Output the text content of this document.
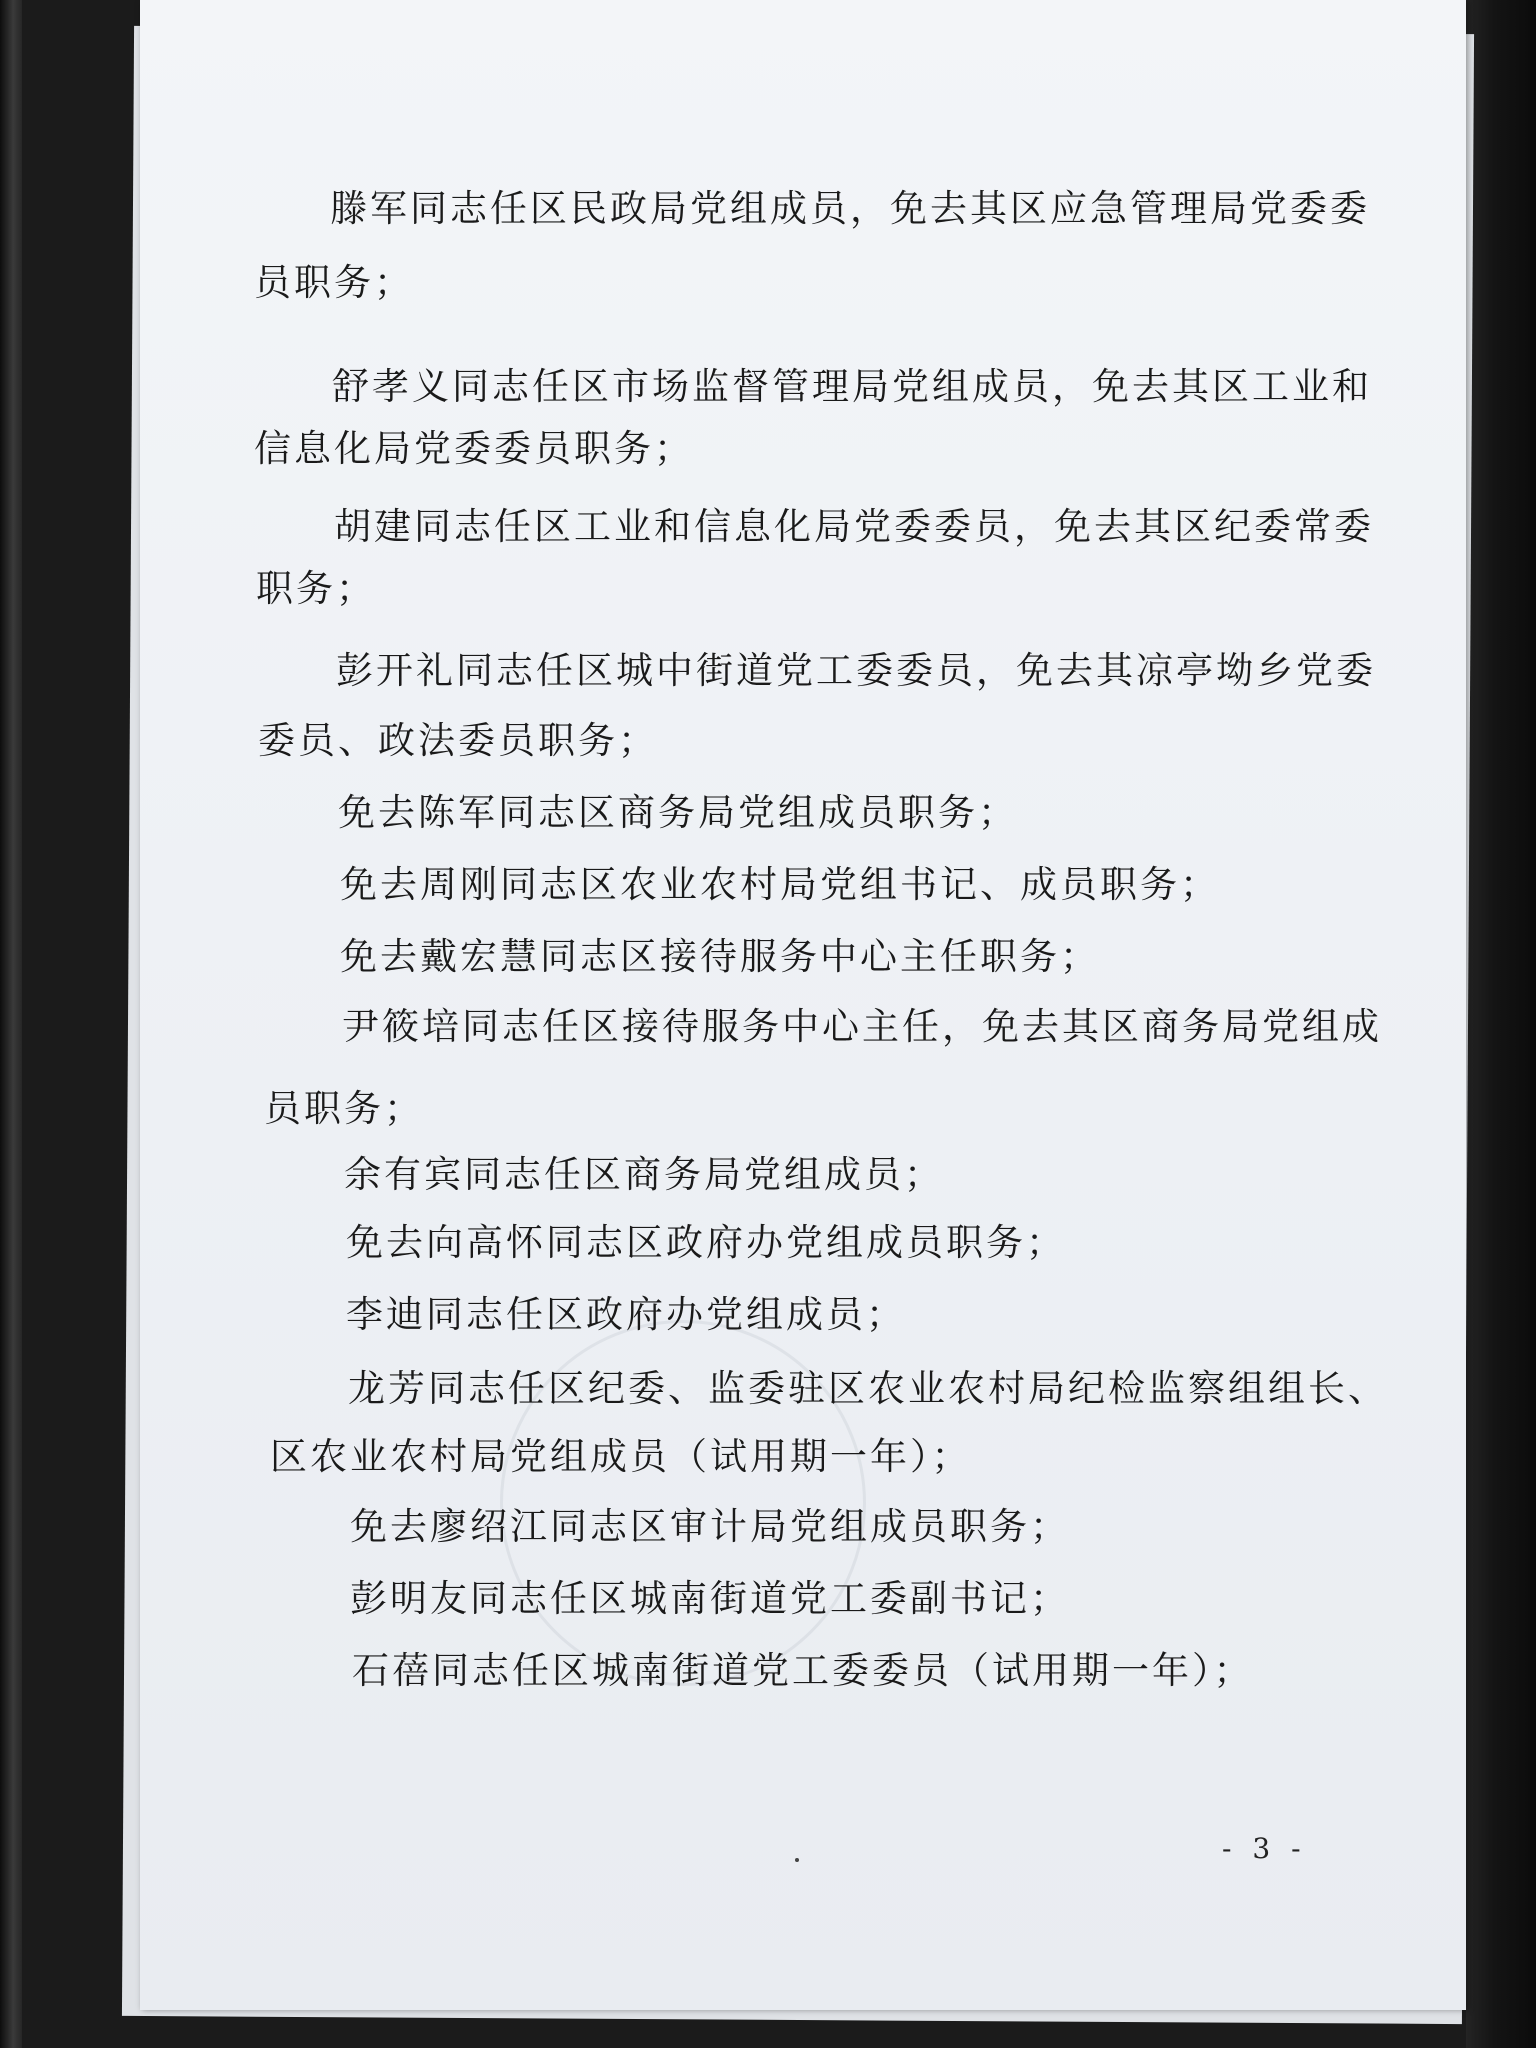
滕军同志任区民政局党组成员，免去其区应急管理局党委委
员职务；
舒孝义同志任区市场监督管理局党组成员，免去其区工业和
信息化局党委委员职务；
胡建同志任区工业和信息化局党委委员，免去其区纪委常委
职务；
彭开礼同志任区城中街道党工委委员，免去其凉亭坳乡党委
委员、政法委员职务；
免去陈军同志区商务局党组成员职务；
免去周刚同志区农业农村局党组书记、成员职务；
免去戴宏慧同志区接待服务中心主任职务；
尹筱培同志任区接待服务中心主任，免去其区商务局党组成
员职务；
余有宾同志任区商务局党组成员；
免去向高怀同志区政府办党组成员职务；
李迪同志任区政府办党组成员；
龙芳同志任区纪委、监委驻区农业农村局纪检监察组组长、
区农业农村局党组成员（试用期一年）；
免去廖绍江同志区审计局党组成员职务；
彭明友同志任区城南街道党工委副书记；
石蓓同志任区城南街道党工委委员（试用期一年）；
- 3 -
